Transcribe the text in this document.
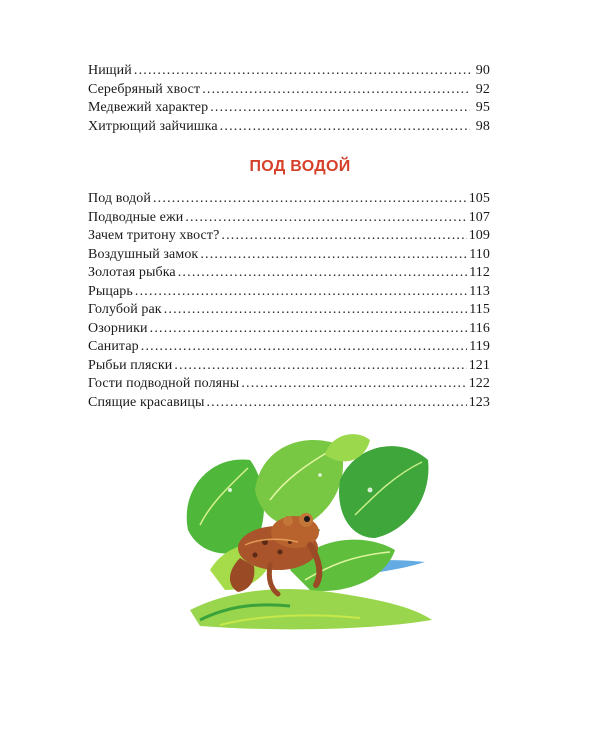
Нищий .....	90
Серебряный хвост .....	92
Медвежий характер .....	95
Хитрющий зайчишка .....	98
ПОД ВОДОЙ
Под водой .....	105
Подводные ежи .....	107
Зачем тритону хвост? .....	109
Воздушный замок .....	110
Золотая рыбка .....	112
Рыцарь .....	113
Голубой рак .....	115
Озорники .....	116
Санитар .....	119
Рыбьи пляски .....	121
Гости подводной поляны .....	122
Спящие красавицы .....	123
